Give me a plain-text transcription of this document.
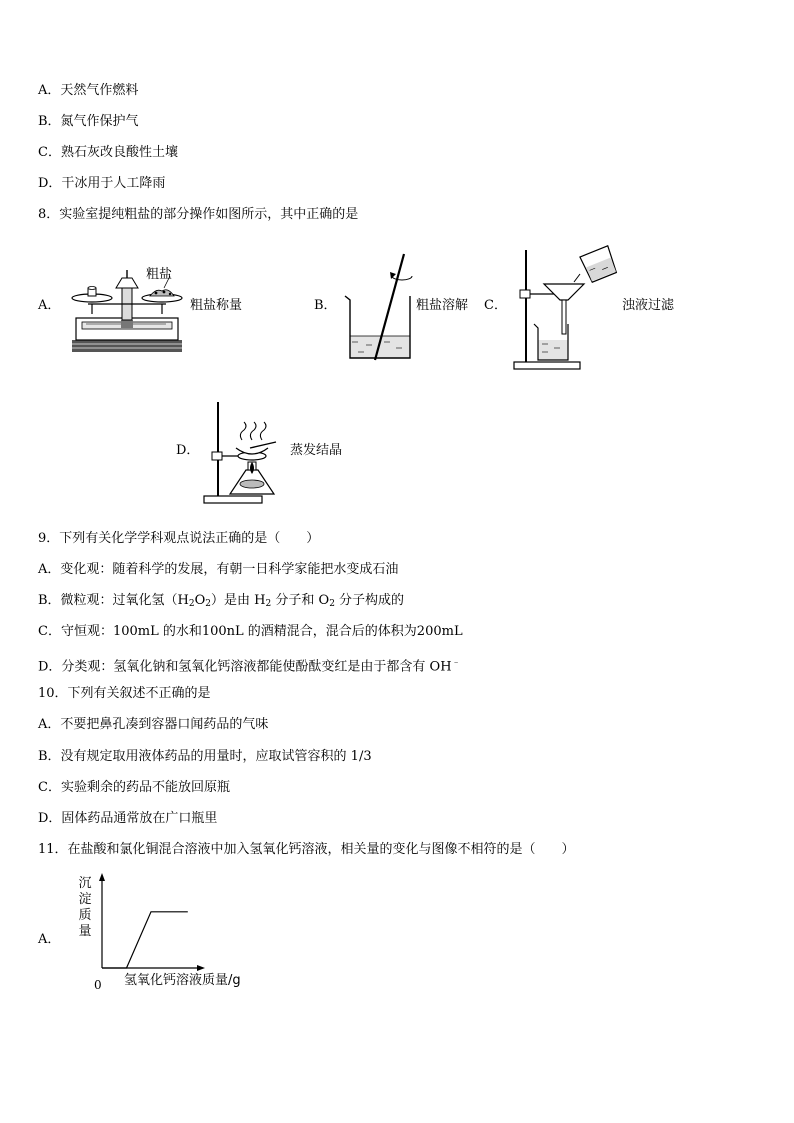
A．天然气作燃料
B．氮气作保护气
C．熟石灰改良酸性土壤
D．干冰用于人工降雨
8．实验室提纯粗盐的部分操作如图所示，其中正确的是
A．
粗盐
粗盐称量	B．	粗盐溶解 C．	浊液过滤
D．	蒸发结晶
9．下列有关化学学科观点说法正确的是（　　）
A．变化观：随着科学的发展，有朝一日科学家能把水变成石油
B．微粒观：过氧化氢$(H_2O_2)$是由 $H_2$ 分子和 $O_2$ 分子构成的
C．守恒观：100mL 的水和100nL 的酒精混合，混合后的体积为200mL
D．分类观：氢氧化钠和氢氧化钙溶液都能使酚酞变红是由于都含有 OH﹣
10．下列有关叙述不正确的是
A．不要把鼻孔凑到容器口闻药品的气味
B．没有规定取用液体药品的用量时，应取试管容积的 1/3
C．实验剩余的药品不能放回原瓶
D．固体药品通常放在广口瓶里
11．在盐酸和氯化铜混合溶液中加入氢氧化钙溶液，相关量的变化与图像不相符的是（　　）
A．
沉
淀
质
量
0 氢氧化钙溶液质量/g
